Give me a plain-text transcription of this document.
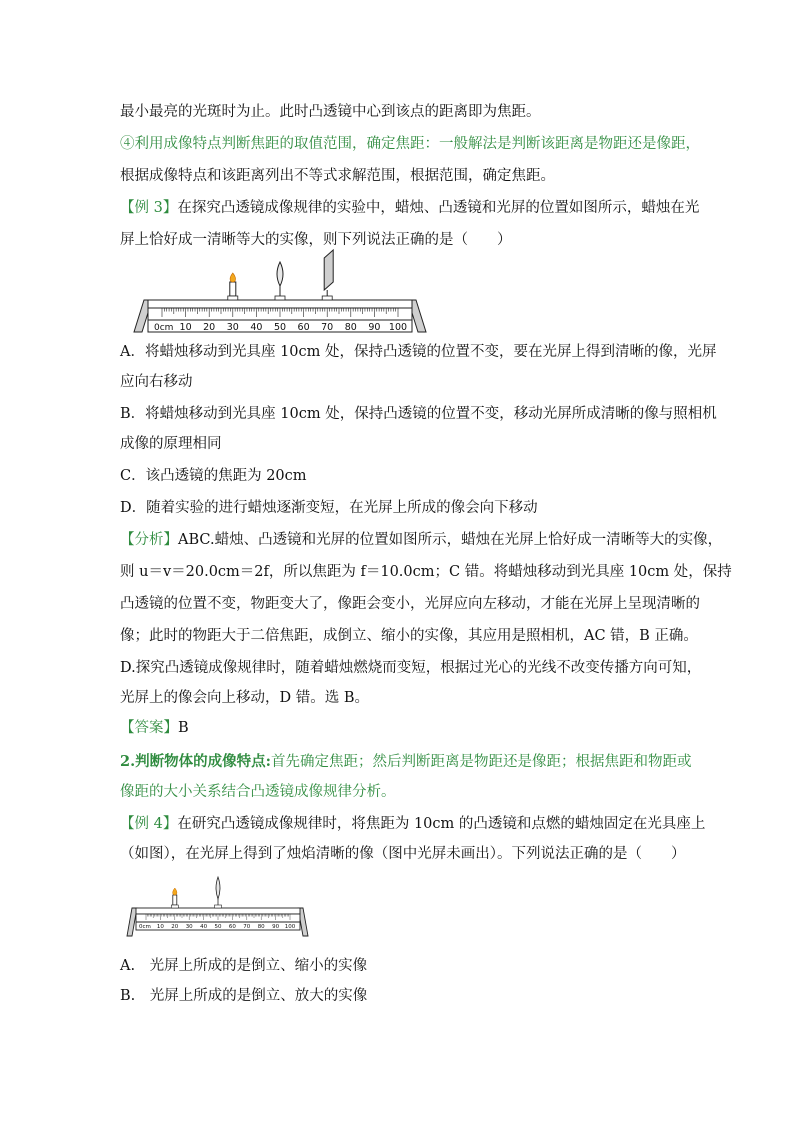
最小最亮的光斑时为止。此时凸透镜中心到该点的距离即为焦距。
④利用成像特点判断焦距的取值范围，确定焦距：一般解法是判断该距离是物距还是像距，
根据成像特点和该距离列出不等式求解范围，根据范围，确定焦距。
【例 3】在探究凸透镜成像规律的实验中，蜡烛、凸透镜和光屏的位置如图所示，蜡烛在光
屏上恰好成一清晰等大的实像，则下列说法正确的是（　　）
0cm 10 20 30 40 50 60 70 80 90 100
A．将蜡烛移动到光具座 10cm 处，保持凸透镜的位置不变，要在光屏上得到清晰的像，光屏
应向右移动
B．将蜡烛移动到光具座 10cm 处，保持凸透镜的位置不变，移动光屏所成清晰的像与照相机
成像的原理相同
C．该凸透镜的焦距为 20cm
D．随着实验的进行蜡烛逐渐变短，在光屏上所成的像会向下移动
【分析】ABC.蜡烛、凸透镜和光屏的位置如图所示，蜡烛在光屏上恰好成一清晰等大的实像，
则 u＝v＝20.0cm＝2f，所以焦距为 f＝10.0cm；C 错。将蜡烛移动到光具座 10cm 处，保持
凸透镜的位置不变，物距变大了，像距会变小，光屏应向左移动，才能在光屏上呈现清晰的
像；此时的物距大于二倍焦距，成倒立、缩小的实像，其应用是照相机，AC 错，B 正确。
D.探究凸透镜成像规律时，随着蜡烛燃烧而变短，根据过光心的光线不改变传播方向可知，
光屏上的像会向上移动，D 错。选 B。
【答案】B
2.判断物体的成像特点:首先确定焦距；然后判断距离是物距还是像距；根据焦距和物距或
像距的大小关系结合凸透镜成像规律分析。
【例 4】在研究凸透镜成像规律时，将焦距为 10cm 的凸透镜和点燃的蜡烛固定在光具座上
（如图），在光屏上得到了烛焰清晰的像（图中光屏未画出）。下列说法正确的是（　　）
0cm 10 20 30 40 50 60 70 80 90 100
A.　光屏上所成的是倒立、缩小的实像
B.　光屏上所成的是倒立、放大的实像
